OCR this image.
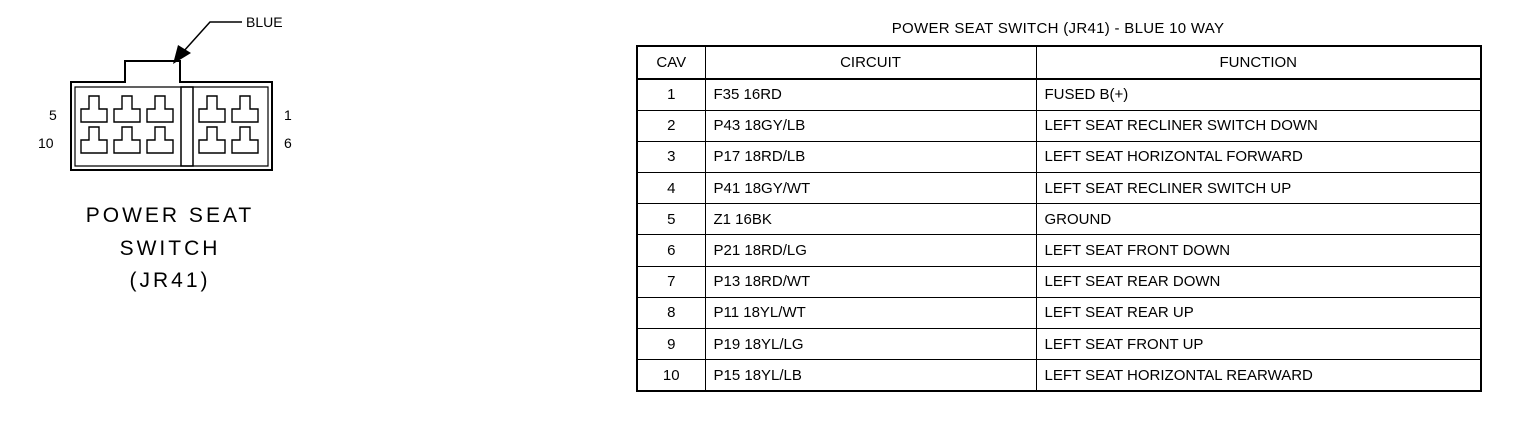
BLUE
5
10
1
6
POWER SEAT
SWITCH
(JR41)
POWER SEAT SWITCH (JR41) - BLUE 10 WAY
CAV	CIRCUIT	FUNCTION
1	F35 16RD	FUSED B(+)
2	P43 18GY/LB	LEFT SEAT RECLINER SWITCH DOWN
3	P17 18RD/LB	LEFT SEAT HORIZONTAL FORWARD
4	P41 18GY/WT	LEFT SEAT RECLINER SWITCH UP
5	Z1 16BK	GROUND
6	P21 18RD/LG	LEFT SEAT FRONT DOWN
7	P13 18RD/WT	LEFT SEAT REAR DOWN
8	P11 18YL/WT	LEFT SEAT REAR UP
9	P19 18YL/LG	LEFT SEAT FRONT UP
10	P15 18YL/LB	LEFT SEAT HORIZONTAL REARWARD
